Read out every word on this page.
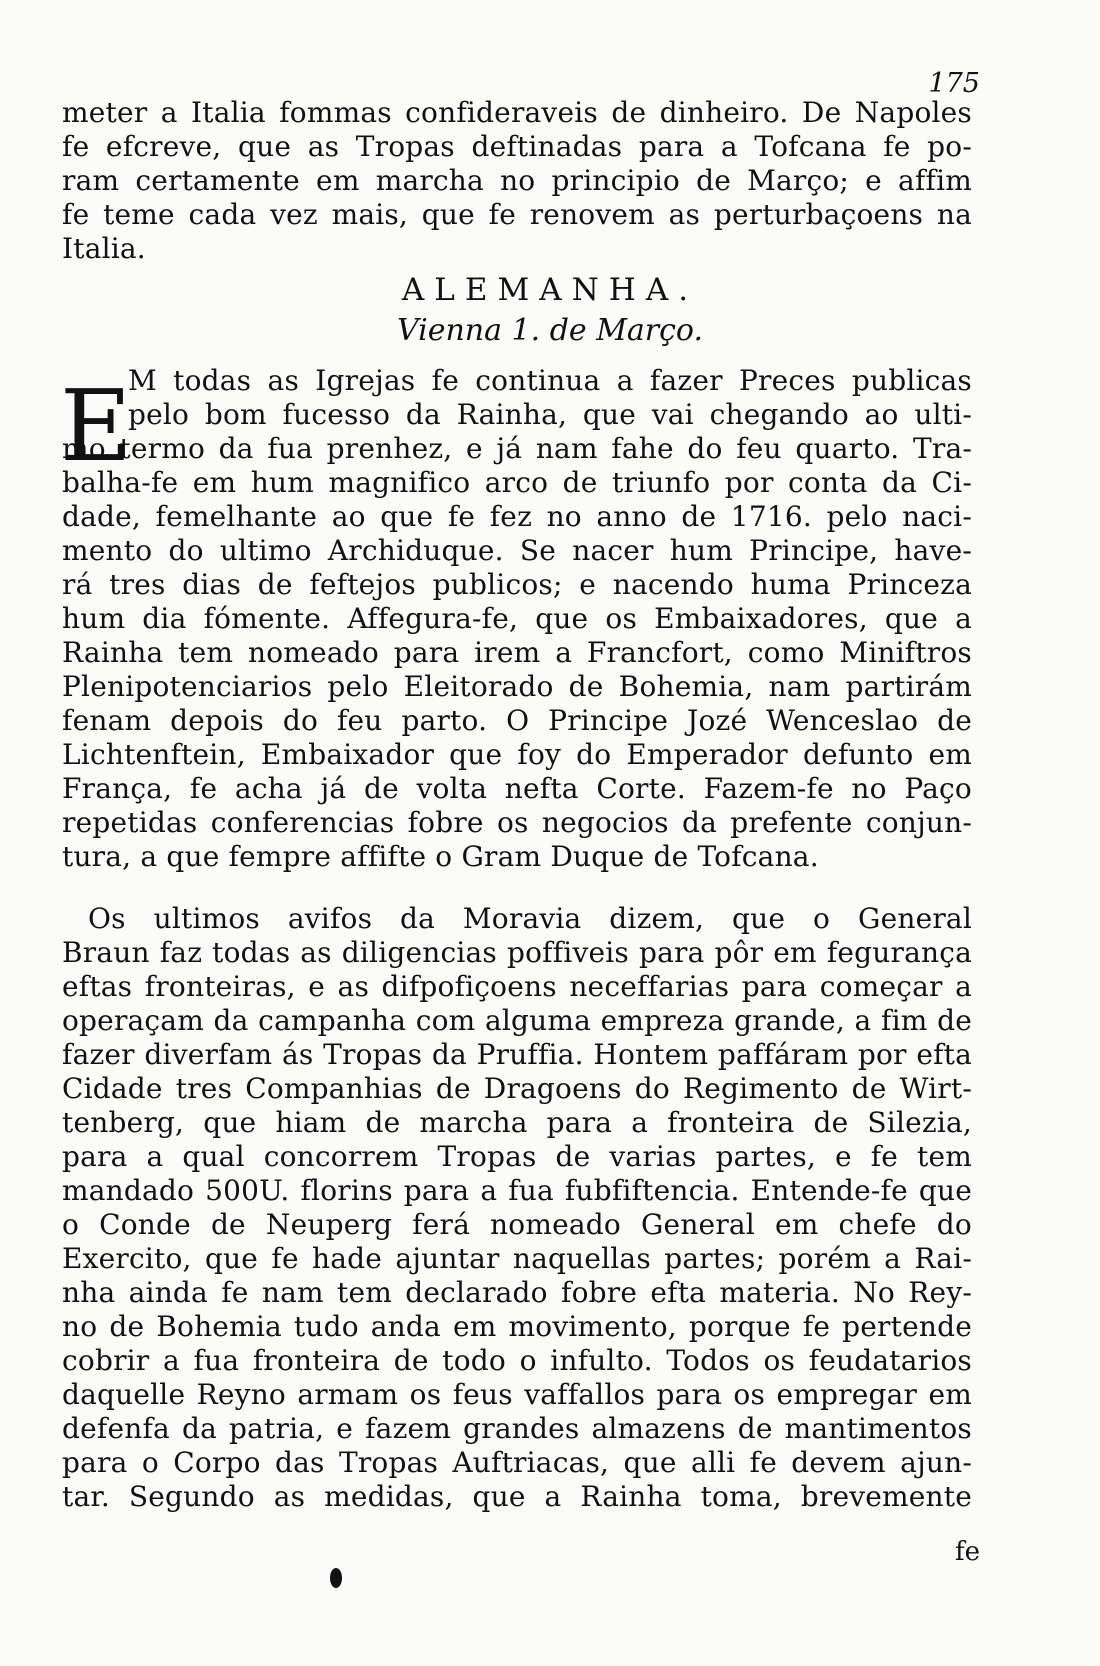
175
meter a Italia fommas confideraveis de dinheiro. De Napoles
fe efcreve, que as Tropas deftinadas para a Tofcana fe po-
ram certamente em marcha no principio de Março; e affim
fe teme cada vez mais, que fe renovem as perturbaçoens na
Italia.
ALEMANHA.
Vienna 1. de Março.
E
M todas as Igrejas fe continua a fazer Preces publicas
pelo bom fucesso da Rainha, que vai chegando ao ulti-
mo termo da fua prenhez, e já nam fahe do feu quarto. Tra-
balha-fe em hum magnifico arco de triunfo por conta da Ci-
dade, femelhante ao que fe fez no anno de 1716. pelo naci-
mento do ultimo Archiduque. Se nacer hum Principe, have-
rá tres dias de feftejos publicos; e nacendo huma Princeza
hum dia fómente. Affegura-fe, que os Embaixadores, que a
Rainha tem nomeado para irem a Francfort, como Miniftros
Plenipotenciarios pelo Eleitorado de Bohemia, nam partirám
fenam depois do feu parto. O Principe Jozé Wenceslao de
Lichtenftein, Embaixador que foy do Emperador defunto em
França, fe acha já de volta nefta Corte. Fazem-fe no Paço
repetidas conferencias fobre os negocios da prefente conjun-
tura, a que fempre affifte o Gram Duque de Tofcana.
Os ultimos avifos da Moravia dizem, que o General
Braun faz todas as diligencias poffiveis para pôr em fegurança
eftas fronteiras, e as difpofiçoens neceffarias para começar a
operaçam da campanha com alguma empreza grande, a fim de
fazer diverfam ás Tropas da Pruffia. Hontem paffáram por efta
Cidade tres Companhias de Dragoens do Regimento de Wirt-
tenberg, que hiam de marcha para a fronteira de Silezia,
para a qual concorrem Tropas de varias partes, e fe tem
mandado 500U. florins para a fua fubfiftencia. Entende-fe que
o Conde de Neuperg ferá nomeado General em chefe do
Exercito, que fe hade ajuntar naquellas partes; porém a Rai-
nha ainda fe nam tem declarado fobre efta materia. No Rey-
no de Bohemia tudo anda em movimento, porque fe pertende
cobrir a fua fronteira de todo o infulto. Todos os feudatarios
daquelle Reyno armam os feus vaffallos para os empregar em
defenfa da patria, e fazem grandes almazens de mantimentos
para o Corpo das Tropas Auftriacas, que alli fe devem ajun-
tar. Segundo as medidas, que a Rainha toma, brevemente
fe
